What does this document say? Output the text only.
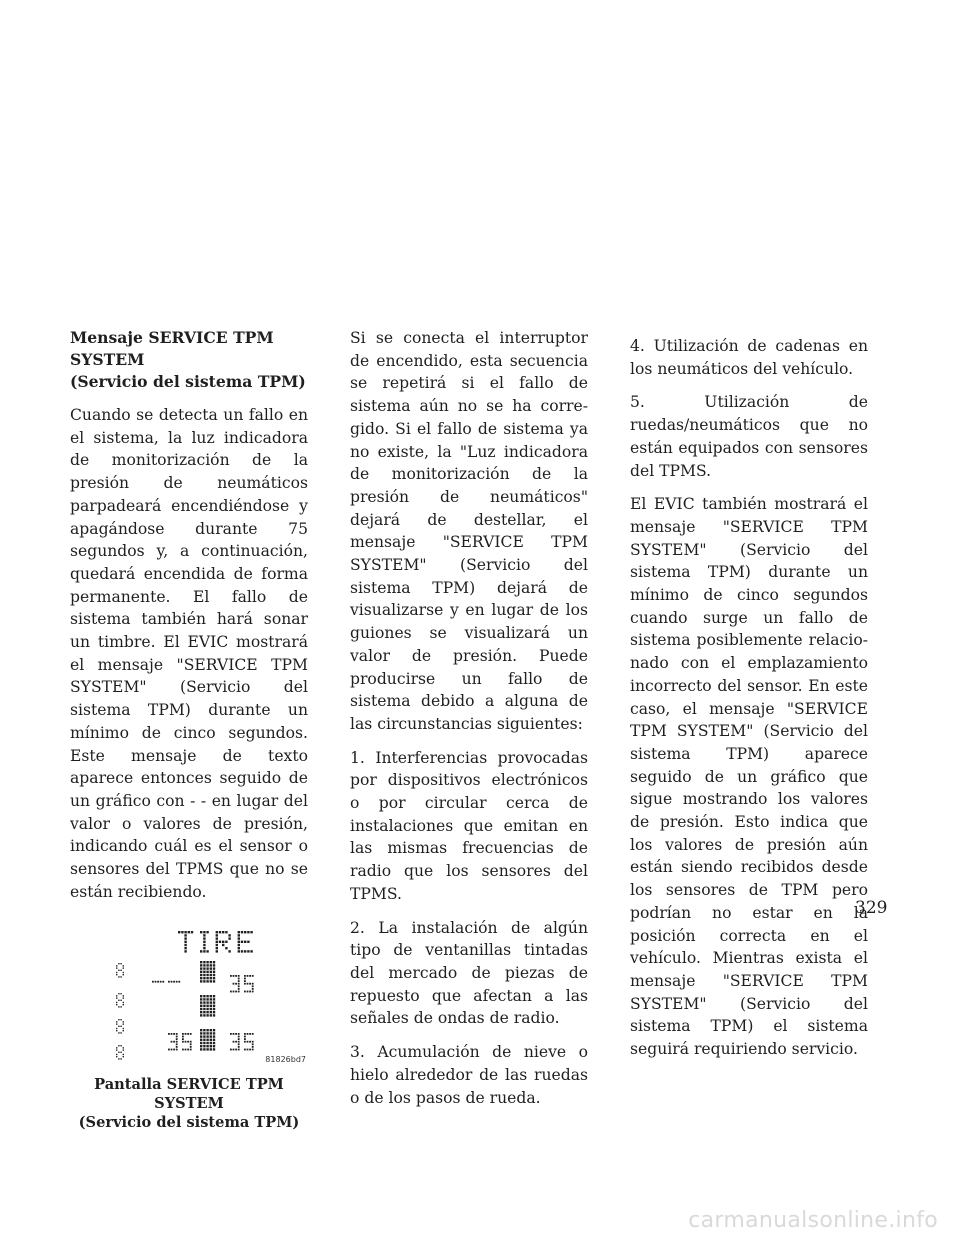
Mensaje SERVICE TPM SYSTEM
(Servicio del sistema TPM)

Cuando se detecta un fallo en el sistema, la luz indicadora de monitorización de la presión de neumáticos parpadeará encendiéndose y apagándose durante 75 segundos y, a continuación, quedará encendida de forma permanente. El fallo de sistema también hará sonar un timbre. El EVIC mostrará el mensaje "SERVICE TPM SYSTEM" (Servicio del sistema TPM) durante un mínimo de cinco segundos. Este mensaje de texto aparece entonces seguido de un gráfico con - - en lugar del valor o valores de presión, indicando cuál es el sensor o sensores del TPMS que no se están recibiendo.

81826bd7
Pantalla SERVICE TPM SYSTEM
(Servicio del sistema TPM)

Si se conecta el interruptor de encendido, esta secuencia se repetirá si el fallo de sistema aún no se ha corregido. Si el fallo de sistema ya no existe, la "Luz indicadora de monitorización de la presión de neumáticos" dejará de destellar, el mensaje "SERVICE TPM SYSTEM" (Servicio del sistema TPM) dejará de visualizarse y en lugar de los guiones se visualizará un valor de presión. Puede producirse un fallo de sistema debido a alguna de las circunstancias siguientes:

1. Interferencias provocadas por dispositivos electrónicos o por circular cerca de instalaciones que emitan en las mismas frecuencias de radio que los sensores del TPMS.

2. La instalación de algún tipo de ventanillas tintadas del mercado de piezas de repuesto que afectan a las señales de ondas de radio.

3. Acumulación de nieve o hielo alrededor de las ruedas o de los pasos de rueda.

4. Utilización de cadenas en los neumáticos del vehículo.

5. Utilización de ruedas/neumáticos que no están equipados con sensores del TPMS.

El EVIC también mostrará el mensaje "SERVICE TPM SYSTEM" (Servicio del sistema TPM) durante un mínimo de cinco segundos cuando surge un fallo de sistema posiblemente relacionado con el emplazamiento incorrecto del sensor. En este caso, el mensaje "SERVICE TPM SYSTEM" (Servicio del sistema TPM) aparece seguido de un gráfico que sigue mostrando los valores de presión. Esto indica que los valores de presión aún están siendo recibidos desde los sensores de TPM pero podrían no estar en la posición correcta en el vehículo. Mientras exista el mensaje "SERVICE TPM SYSTEM" (Servicio del sistema TPM) el sistema seguirá requiriendo servicio.

329
carmanualsonline.info
